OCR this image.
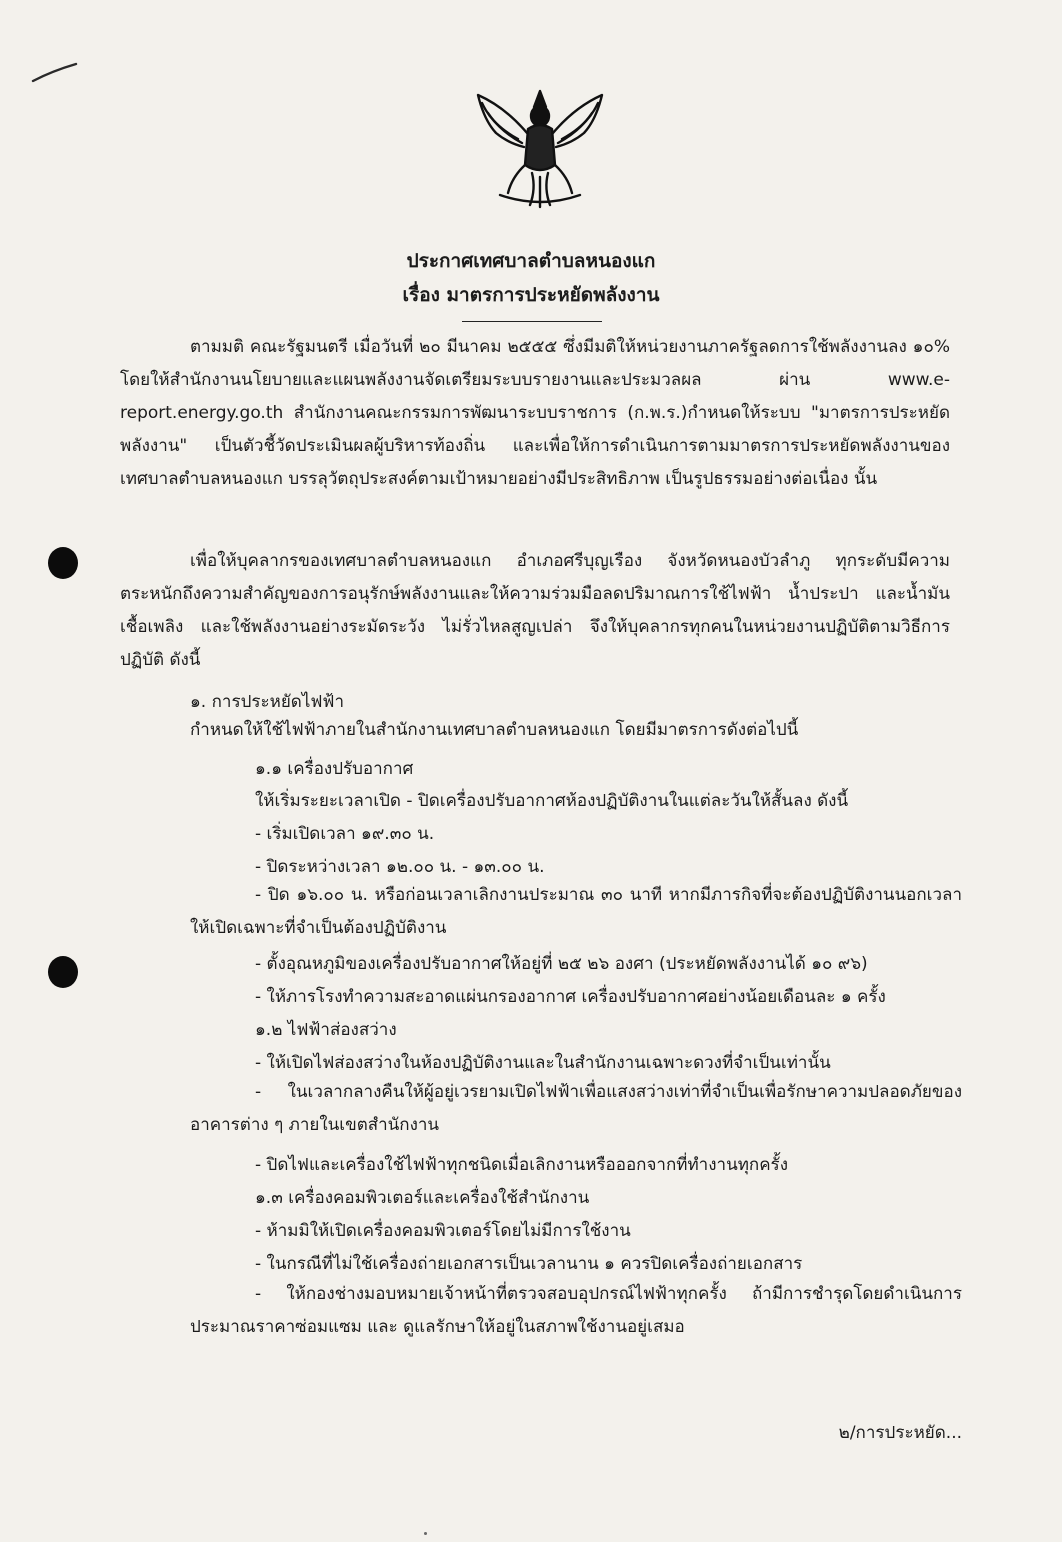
ประกาศเทศบาลตำบลหนองแก
เรื่อง มาตรการประหยัดพลังงาน
ตามมติ คณะรัฐมนตรี เมื่อวันที่ ๒๐ มีนาคม ๒๕๕๕ ซึ่งมีมติให้หน่วยงานภาครัฐลดการใช้พลังงานลง ๑๐% โดยให้สำนักงานนโยบายและแผนพลังงานจัดเตรียมระบบรายงานและประมวลผล ผ่าน www.e-report.energy.go.th สำนักงานคณะกรรมการพัฒนาระบบราชการ (ก.พ.ร.)กำหนดให้ระบบ "มาตรการประหยัดพลังงาน" เป็นตัวชี้วัดประเมินผลผู้บริหารท้องถิ่น และเพื่อให้การดำเนินการตามมาตรการประหยัดพลังงานของเทศบาลตำบลหนองแก บรรลุวัตถุประสงค์ตามเป้าหมายอย่างมีประสิทธิภาพ เป็นรูปธรรมอย่างต่อเนื่อง นั้น
เพื่อให้บุคลากรของเทศบาลตำบลหนองแก อำเภอศรีบุญเรือง จังหวัดหนองบัวลำภู ทุกระดับมีความตระหนักถึงความสำคัญของการอนุรักษ์พลังงานและให้ความร่วมมือลดปริมาณการใช้ไฟฟ้า น้ำประปา และน้ำมันเชื้อเพลิง และใช้พลังงานอย่างระมัดระวัง ไม่รั่วไหลสูญเปล่า จึงให้บุคลากรทุกคนในหน่วยงานปฏิบัติตามวิธีการปฏิบัติ ดังนี้
๑. การประหยัดไฟฟ้า
กำหนดให้ใช้ไฟฟ้าภายในสำนักงานเทศบาลตำบลหนองแก โดยมีมาตรการดังต่อไปนี้
๑.๑ เครื่องปรับอากาศ
ให้เริ่มระยะเวลาเปิด - ปิดเครื่องปรับอากาศห้องปฏิบัติงานในแต่ละวันให้สั้นลง ดังนี้
- เริ่มเปิดเวลา ๑๙.๓๐ น.
- ปิดระหว่างเวลา ๑๒.๐๐ น. - ๑๓.๐๐ น.
- ปิด ๑๖.๐๐ น. หรือก่อนเวลาเลิกงานประมาณ ๓๐ นาที หากมีภารกิจที่จะต้องปฏิบัติงานนอกเวลา ให้เปิดเฉพาะที่จำเป็นต้องปฏิบัติงาน
- ตั้งอุณหภูมิของเครื่องปรับอากาศให้อยู่ที่ ๒๕ ๒๖ องศา (ประหยัดพลังงานได้ ๑๐ ๙๖)
- ให้ภารโรงทำความสะอาดแผ่นกรองอากาศ เครื่องปรับอากาศอย่างน้อยเดือนละ ๑ ครั้ง
๑.๒ ไฟฟ้าส่องสว่าง
- ให้เปิดไฟส่องสว่างในห้องปฏิบัติงานและในสำนักงานเฉพาะดวงที่จำเป็นเท่านั้น
- ในเวลากลางคืนให้ผู้อยู่เวรยามเปิดไฟฟ้าเพื่อแสงสว่างเท่าที่จำเป็นเพื่อรักษาความปลอดภัยของอาคารต่าง ๆ ภายในเขตสำนักงาน
- ปิดไฟและเครื่องใช้ไฟฟ้าทุกชนิดเมื่อเลิกงานหรือออกจากที่ทำงานทุกครั้ง
๑.๓ เครื่องคอมพิวเตอร์และเครื่องใช้สำนักงาน
- ห้ามมิให้เปิดเครื่องคอมพิวเตอร์โดยไม่มีการใช้งาน
- ในกรณีที่ไม่ใช้เครื่องถ่ายเอกสารเป็นเวลานาน ๑ ควรปิดเครื่องถ่ายเอกสาร
- ให้กองช่างมอบหมายเจ้าหน้าที่ตรวจสอบอุปกรณ์ไฟฟ้าทุกครั้ง ถ้ามีการชำรุดโดยดำเนินการประมาณราคาซ่อมแซม และ ดูแลรักษาให้อยู่ในสภาพใช้งานอยู่เสมอ
๒/การประหยัด...
